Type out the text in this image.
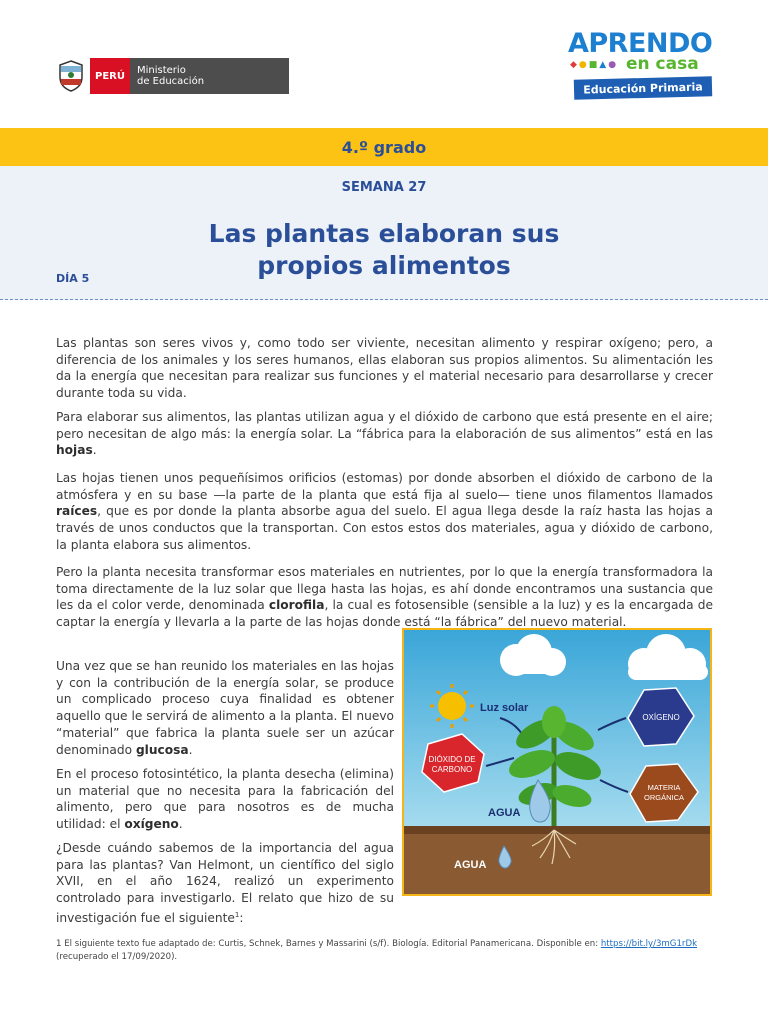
PERÚ	Ministerio
de Educación
APRENDO
◆●■▲● en casa
Educación Primaria
4.º grado
SEMANA 27
Las plantas elaboran sus
propios alimentos
DÍA 5

Las plantas son seres vivos y, como todo ser viviente, necesitan alimento y respirar oxígeno; pero, a diferencia de los animales y los seres humanos, ellas elaboran sus propios alimentos. Su alimentación les da la energía que necesitan para realizar sus funciones y el material necesario para desarrollarse y crecer durante toda su vida.

Para elaborar sus alimentos, las plantas utilizan agua y el dióxido de carbono que está presente en el aire; pero necesitan de algo más: la energía solar. La “fábrica para la elaboración de sus alimentos” está en las hojas.

Las hojas tienen unos pequeñísimos orificios (estomas) por donde absorben el dióxido de carbono de la atmósfera y en su base —la parte de la planta que está fija al suelo— tiene unos filamentos llamados raíces, que es por donde la planta absorbe agua del suelo. El agua llega desde la raíz hasta las hojas a través de unos conductos que la transportan. Con estos estos dos materiales, agua y dióxido de carbono, la planta elabora sus alimentos.

Pero la planta necesita transformar esos materiales en nutrientes, por lo que la energía transformadora la toma directamente de la luz solar que llega hasta las hojas, es ahí donde encontramos una sustancia que les da el color verde, denominada clorofila, la cual es fotosensible (sensible a la luz) y es la encargada de captar la energía y llevarla a la parte de las hojas donde está “la fábrica” del nuevo material.

Una vez que se han reunido los materiales en las hojas y con la contribución de la energía solar, se produce un complicado proceso cuya finalidad es obtener aquello que le servirá de alimento a la planta. El nuevo “material” que fabrica la planta suele ser un azúcar denominado glucosa.

En el proceso fotosintético, la planta desecha (elimina) un material que no necesita para la fabricación del alimento, pero que para nosotros es de mucha utilidad: el oxígeno.

¿Desde cuándo sabemos de la importancia del agua para las plantas? Van Helmont, un científico del siglo XVII, en el año 1624, realizó un experimento controlado para investigarlo. El relato que hizo de su investigación fue el siguiente$^1$:

Luz solar
DIÓXIDO DE
CARBONO
OXÍGENO
MATERIA
ORGÁNICA
AGUA
AGUA
1 El siguiente texto fue adaptado de: Curtis, Schnek, Barnes y Massarini (s/f). Biología. Editorial Panamericana. Disponible en: https://bit.ly/3mG1rDk
(recuperado el 17/09/2020).
